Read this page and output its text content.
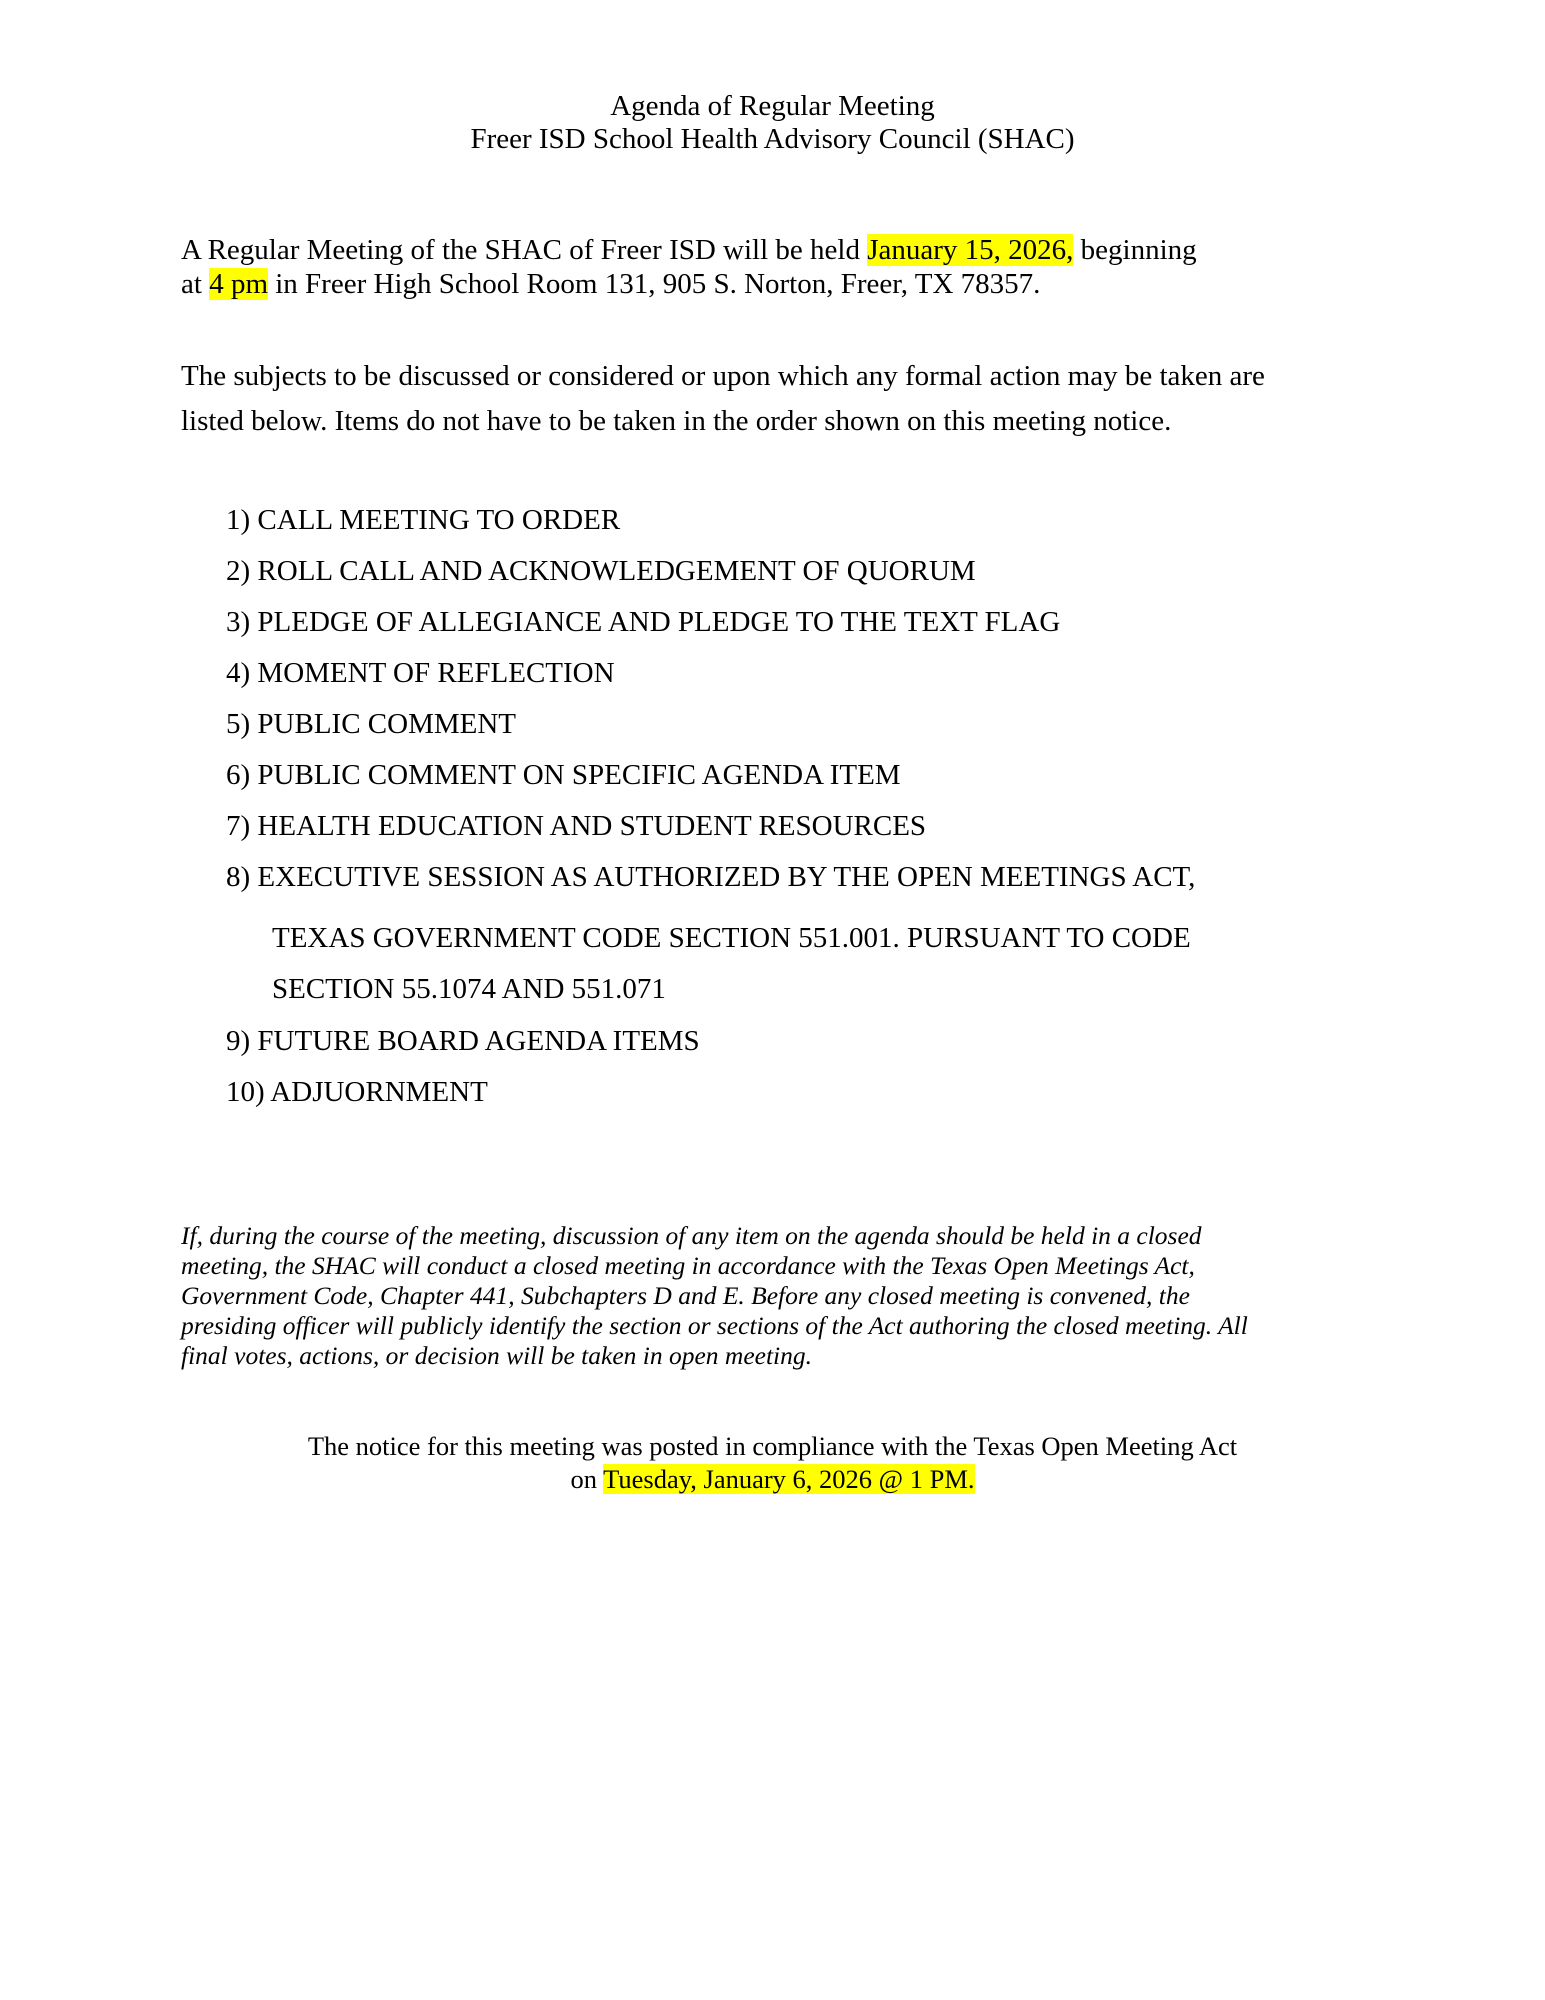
Agenda of Regular Meeting
Freer ISD School Health Advisory Council (SHAC)
A Regular Meeting of the SHAC of Freer ISD will be held January 15, 2026, beginning
at 4 pm in Freer High School Room 131, 905 S. Norton, Freer, TX 78357.
The subjects to be discussed or considered or upon which any formal action may be taken are
listed below. Items do not have to be taken in the order shown on this meeting notice.
1) CALL MEETING TO ORDER
2) ROLL CALL AND ACKNOWLEDGEMENT OF QUORUM
3) PLEDGE OF ALLEGIANCE AND PLEDGE TO THE TEXT FLAG
4) MOMENT OF REFLECTION
5) PUBLIC COMMENT
6) PUBLIC COMMENT ON SPECIFIC AGENDA ITEM
7) HEALTH EDUCATION AND STUDENT RESOURCES
8) EXECUTIVE SESSION AS AUTHORIZED BY THE OPEN MEETINGS ACT,
TEXAS GOVERNMENT CODE SECTION 551.001. PURSUANT TO CODE
SECTION 55.1074 AND 551.071
9) FUTURE BOARD AGENDA ITEMS
10) ADJUORNMENT
If, during the course of the meeting, discussion of any item on the agenda should be held in a closed
meeting, the SHAC will conduct a closed meeting in accordance with the Texas Open Meetings Act,
Government Code, Chapter 441, Subchapters D and E. Before any closed meeting is convened, the
presiding officer will publicly identify the section or sections of the Act authoring the closed meeting. All
final votes, actions, or decision will be taken in open meeting.
The notice for this meeting was posted in compliance with the Texas Open Meeting Act
on Tuesday, January 6, 2026 @ 1 PM.
